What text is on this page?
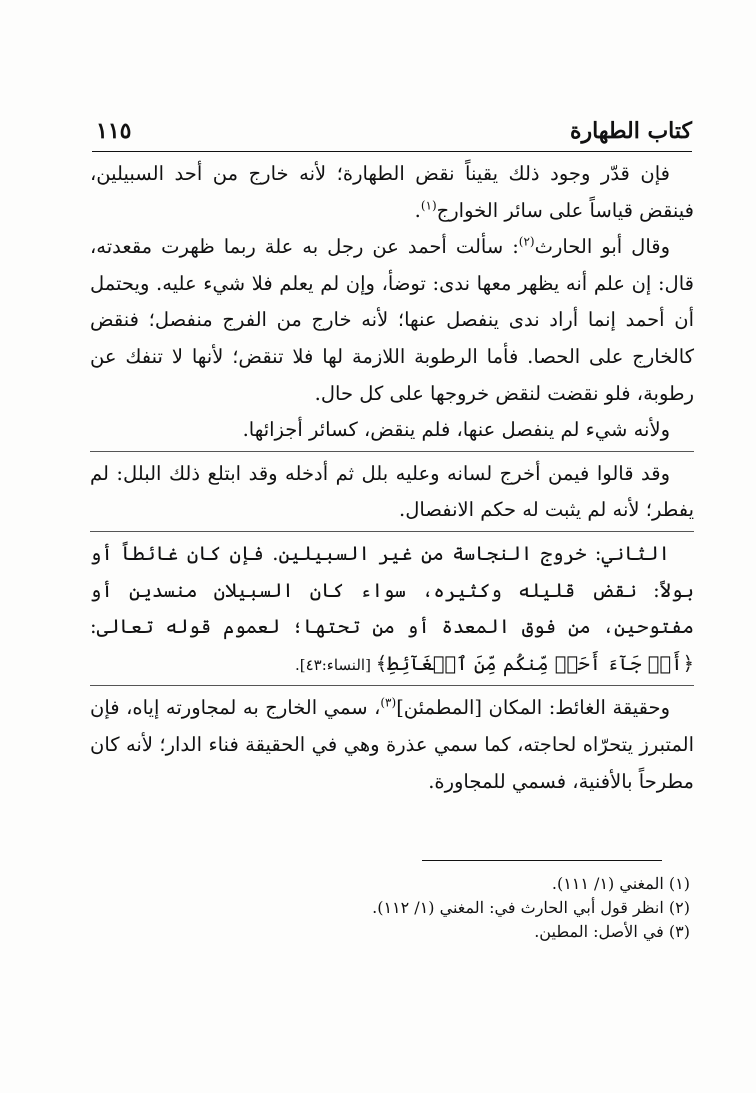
كتاب الطهارة
١١٥

فإن قدّر وجود ذلك يقيناً نقض الطهارة؛ لأنه خارج من أحد السبيلين، فينقض قياساً على سائر الخوارج$^{(١)}$.

وقال أبو الحارث$^{(٢)}$: سألت أحمد عن رجل به علة ربما ظهرت مقعدته، قال: إن علم أنه يظهر معها ندى: توضأ، وإن لم يعلم فلا شيء عليه. ويحتمل أن أحمد إنما أراد ندى ينفصل عنها؛ لأنه خارج من الفرج منفصل؛ فنقض كالخارج على الحصا. فأما الرطوبة اللازمة لها فلا تنقض؛ لأنها لا تنفك عن رطوبة، فلو نقضت لنقض خروجها على كل حال.

ولأنه شيء لم ينفصل عنها، فلم ينقض، كسائر أجزائها.

وقد قالوا فيمن أخرج لسانه وعليه بلل ثم أدخله وقد ابتلع ذلك البلل: لم يفطر؛ لأنه لم يثبت له حكم الانفصال.

الثاني: خروج النجاسة من غير السبيلين. فإن كان غائطاً أو بولاً: نقض قليله وكثيره، سواء كان السبيلان منسدين أو مفتوحين، من فوق المعدة أو من تحتها؛ لعموم قوله تعالى: ﴿أَوۡ جَآءَ أَحَدٞ مِّنكُم مِّنَ ٱلۡغَآئِطِ﴾ [النساء:٤٣].

وحقيقة الغائط: المكان [المطمئن]$^{(٣)}$، سمي الخارج به لمجاورته إياه، فإن المتبرز يتحرّاه لحاجته، كما سمي عذرة وهي في الحقيقة فناء الدار؛ لأنه كان مطرحاً بالأفنية، فسمي للمجاورة.

(١) المغني (١/ ١١١).

(٢) انظر قول أبي الحارث في: المغني (١/ ١١٢).

(٣) في الأصل: المطين.
